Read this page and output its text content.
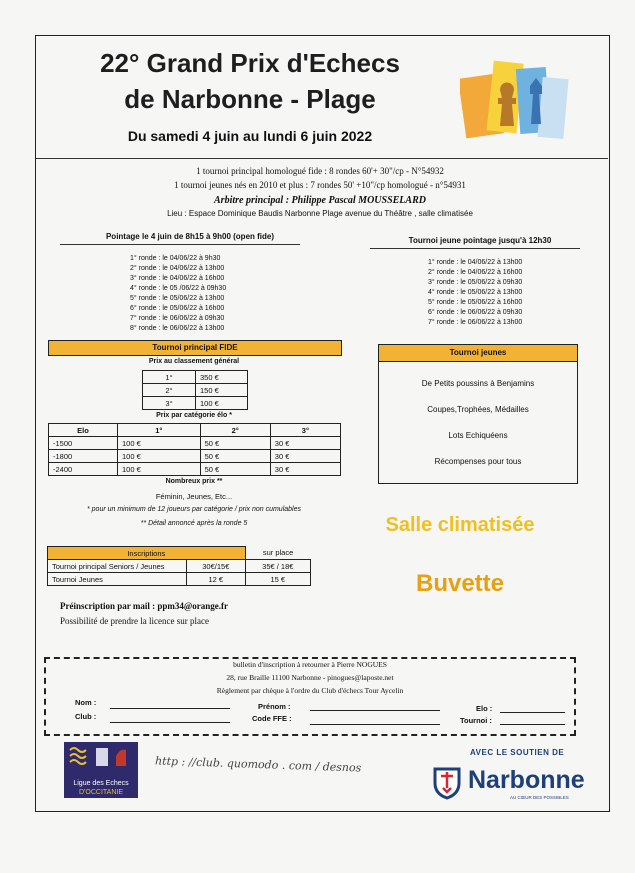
22° Grand Prix d'Echecs
de Narbonne - Plage
Du samedi 4 juin au lundi 6 juin 2022
1 tournoi principal homologué fide : 8 rondes 60'+ 30"/cp - N°54932
1 tournoi jeunes nés en 2010 et plus : 7 rondes 50' +10"/cp homologué - n°54931
Arbitre principal : Philippe Pascal MOUSSELARD
Lieu : Espace Dominique Baudis Narbonne Plage avenue du Théâtre , salle climatisée
Pointage le 4 juin de 8h15 à 9h00 (open fide)	Tournoi jeune pointage jusqu'à 12h30
1° ronde : le 04/06/22 à 9h30
2° ronde : le 04/06/22 à 13h00
3° ronde : le 04/06/22 à 16h00
4° ronde : le 05 /06/22 à 09h30
5° ronde : le 05/06/22 à 13h00
6° ronde : le 05/06/22 à 16h00
7° ronde : le 06/06/22 à 09h30
8° ronde : le 06/06/22 à 13h00
1° ronde : le 04/06/22 à 13h00
2° ronde : le 04/06/22 à 16h00
3° ronde : le 05/06/22 à 09h30
4° ronde : le 05/06/22 à 13h00
5° ronde : le 05/06/22 à 16h00
6° ronde : le 06/06/22 à 09h30
7° ronde : le 06/06/22 à 13h00
Tournoi principal FIDE
Prix au classement général
1°	350 €
2°	150 €
3°	100 €
Prix par catégorie élo *
Elo	1°	2°	3°
-1500	100 €	50 €	30 €
-1800	100 €	50 €	30 €
-2400	100 €	50 €	30 €
Nombreux prix **
Féminin, Jeunes, Etc...
* pour un minimum de 12 joueurs par catégorie / prix non cumulables
** Détail annoncé après la ronde 5
Tournoi jeunes
De Petits poussins à Benjamins
Coupes,Trophées, Médailles
Lots Echiquéens
Récompenses pour tous
Inscriptions		sur place
Tournoi principal Seniors / Jeunes	30€/15€	35€ / 18€
Tournoi Jeunes	12 €	15 €
Salle climatisée
Buvette
Préinscription par mail : ppm34@orange.fr
Possibilité de prendre la licence sur place
bulletin d'inscription à retourner à Pierre NOGUES
28, rue Braille 11100 Narbonne - pinogues@laposte.net
Règlement par chèque à l'ordre du Club d'échecs Tour Aycelin
Nom :
Club :
Prénom :
Code FFE :
Elo :
Tournoi :
Ligue des Echecs
D'OCCITANIE
http : //club. quomodo . com / desnos
AVEC LE SOUTIEN DE
Narbonne
AU CŒUR DES POSSIBLES
